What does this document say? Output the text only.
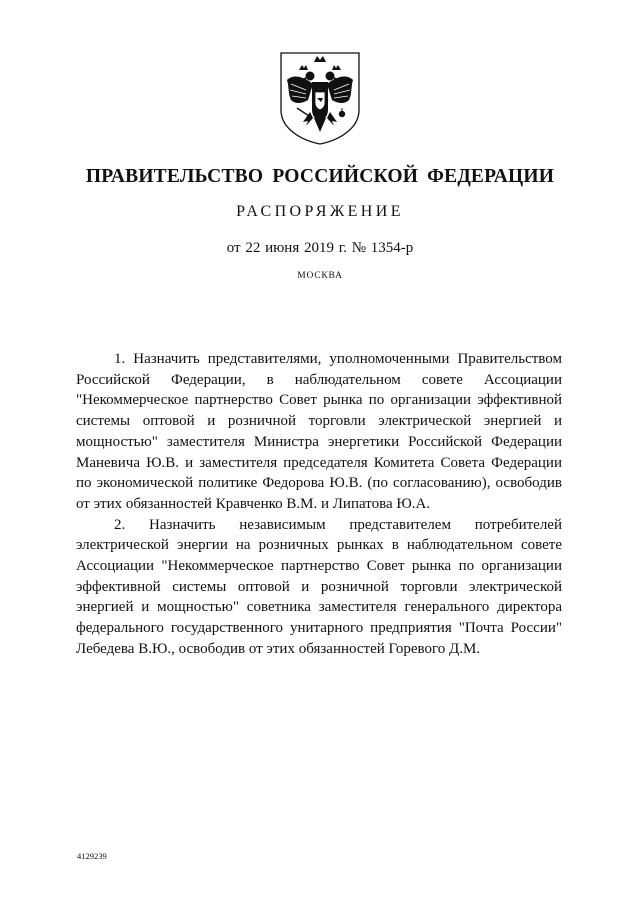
ПРАВИТЕЛЬСТВО РОССИЙСКОЙ ФЕДЕРАЦИИ
РАСПОРЯЖЕНИЕ
от 22 июня 2019 г. № 1354-р
МОСКВА

1. Назначить представителями, уполномоченными Правительством Российской Федерации, в наблюдательном совете Ассоциации "Некоммерческое партнерство Совет рынка по организации эффективной системы оптовой и розничной торговли электрической энергией и мощностью" заместителя Министра энергетики Российской Федерации Маневича Ю.В. и заместителя председателя Комитета Совета Федерации по экономической политике Федорова Ю.В. (по согласованию), освободив от этих обязанностей Кравченко В.М. и Липатова Ю.А.

2. Назначить независимым представителем потребителей электрической энергии на розничных рынках в наблюдательном совете Ассоциации "Некоммерческое партнерство Совет рынка по организации эффективной системы оптовой и розничной торговли электрической энергией и мощностью" советника заместителя генерального директора федерального государственного унитарного предприятия "Почта России" Лебедева В.Ю., освободив от этих обязанностей Горевого Д.М.

4129239
